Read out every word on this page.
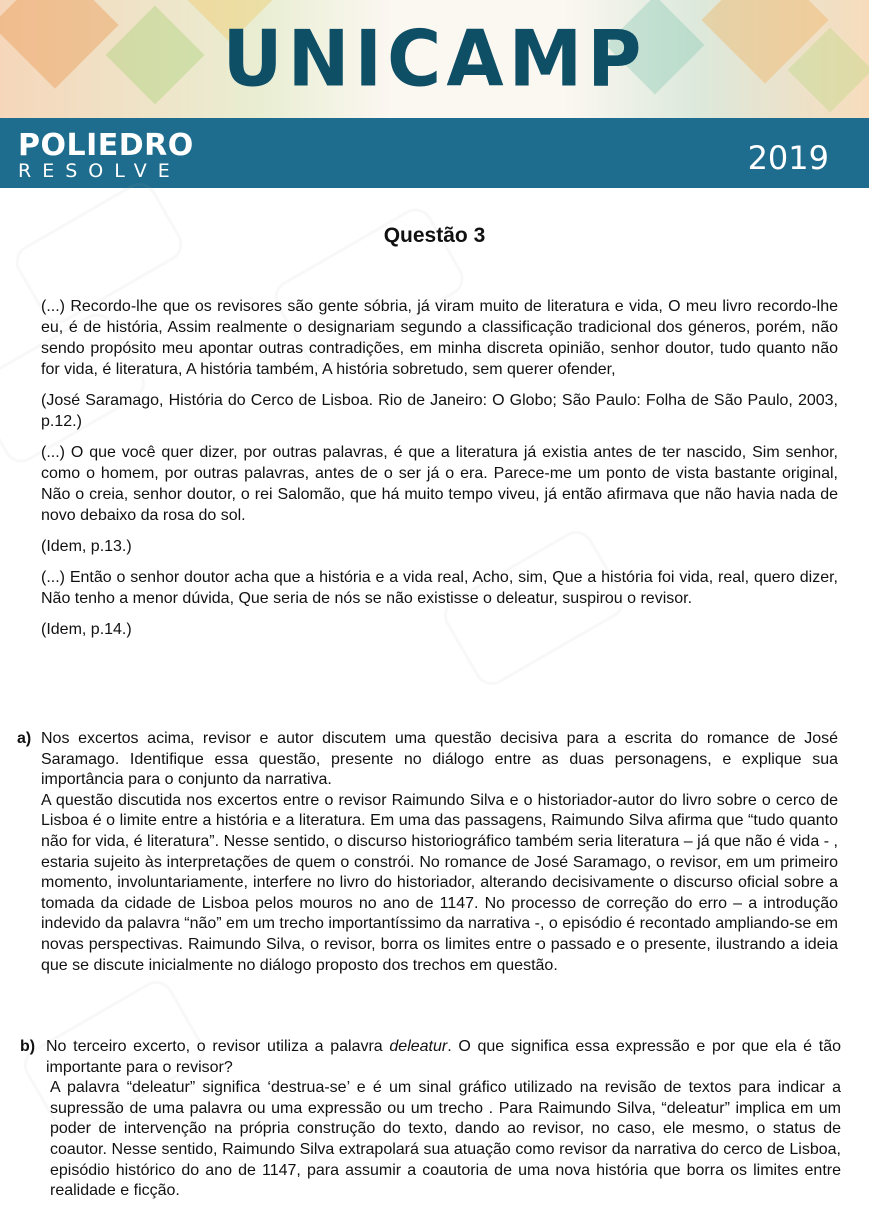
UNICAMP
POLIEDRO
RESOLVE	2019
Questão 3

(...) Recordo-lhe que os revisores são gente sóbria, já viram muito de literatura e vida, O meu livro recordo-lhe eu, é de história, Assim realmente o designariam segundo a classificação tradicional dos géneros, porém, não sendo propósito meu apontar outras contradições, em minha discreta opinião, senhor doutor, tudo quanto não for vida, é literatura, A história também, A história sobretudo, sem querer ofender,

(José Saramago, História do Cerco de Lisboa. Rio de Janeiro: O Globo; São Paulo: Folha de São Paulo, 2003, p.12.)

(...) O que você quer dizer, por outras palavras, é que a literatura já existia antes de ter nascido, Sim senhor, como o homem, por outras palavras, antes de o ser já o era. Parece-me um ponto de vista bastante original, Não o creia, senhor doutor, o rei Salomão, que há muito tempo viveu, já então afirmava que não havia nada de novo debaixo da rosa do sol.

(Idem, p.13.)

(...) Então o senhor doutor acha que a história e a vida real, Acho, sim, Que a história foi vida, real, quero dizer, Não tenho a menor dúvida, Que seria de nós se não existisse o deleatur, suspirou o revisor.

(Idem, p.14.)

a) Nos excertos acima, revisor e autor discutem uma questão decisiva para a escrita do romance de José Saramago. Identifique essa questão, presente no diálogo entre as duas personagens, e explique sua importância para o conjunto da narrativa.

A questão discutida nos excertos entre o revisor Raimundo Silva e o historiador-autor do livro sobre o cerco de Lisboa é o limite entre a história e a literatura. Em uma das passagens, Raimundo Silva afirma que “tudo quanto não for vida, é literatura”. Nesse sentido, o discurso historiográfico também seria literatura – já que não é vida - , estaria sujeito às interpretações de quem o constrói. No romance de José Saramago, o revisor, em um primeiro momento, involuntariamente, interfere no livro do historiador, alterando decisivamente o discurso oficial sobre a tomada da cidade de Lisboa pelos mouros no ano de 1147. No processo de correção do erro – a introdução indevido da palavra “não” em um trecho importantíssimo da narrativa -, o episódio é recontado ampliando-se em novas perspectivas. Raimundo Silva, o revisor, borra os limites entre o passado e o presente, ilustrando a ideia que se discute inicialmente no diálogo proposto dos trechos em questão.

b) No terceiro excerto, o revisor utiliza a palavra deleatur. O que significa essa expressão e por que ela é tão importante para o revisor?

A palavra “deleatur” significa ‘destrua-se’ e é um sinal gráfico utilizado na revisão de textos para indicar a supressão de uma palavra ou uma expressão ou um trecho . Para Raimundo Silva, “deleatur” implica em um poder de intervenção na própria construção do texto, dando ao revisor, no caso, ele mesmo, o status de coautor. Nesse sentido, Raimundo Silva extrapolará sua atuação como revisor da narrativa do cerco de Lisboa, episódio histórico do ano de 1147, para assumir a coautoria de uma nova história que borra os limites entre realidade e ficção.
